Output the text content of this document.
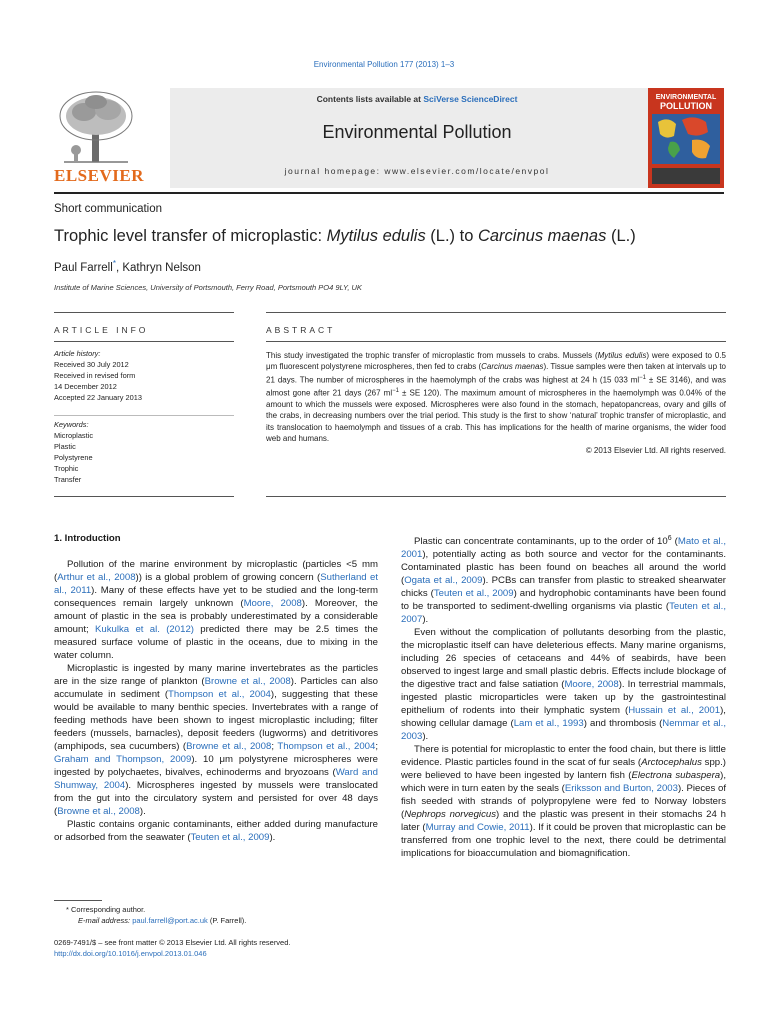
Environmental Pollution 177 (2013) 1–3
ELSEVIER
Contents lists available at SciVerse ScienceDirect
Environmental Pollution
journal homepage: www.elsevier.com/locate/envpol
ENVIRONMENTAL
POLLUTION
Short communication
Trophic level transfer of microplastic: Mytilus edulis (L.) to Carcinus maenas (L.)
Paul Farrell*, Kathryn Nelson
Institute of Marine Sciences, University of Portsmouth, Ferry Road, Portsmouth PO4 9LY, UK
ARTICLE INFO	ABSTRACT
Article history:
Received 30 July 2012
Received in revised form
14 December 2012
Accepted 22 January 2013
Keywords:
Microplastic
Plastic
Polystyrene
Trophic
Transfer
This study investigated the trophic transfer of microplastic from mussels to crabs. Mussels (Mytilus edulis) were exposed to 0.5 μm fluorescent polystyrene microspheres, then fed to crabs (Carcinus maenas). Tissue samples were then taken at intervals up to 21 days. The number of microspheres in the haemolymph of the crabs was highest at 24 h (15 033 $ml^{-1}$ ± SE 3146), and was almost gone after 21 days (267 $ml^{-1}$ ± SE 120). The maximum amount of microspheres in the haemolymph was 0.04% of the amount to which the mussels were exposed. Microspheres were also found in the stomach, hepatopancreas, ovary and gills of the crabs, in decreasing numbers over the trial period. This study is the first to show ‘natural’ trophic transfer of microplastic, and its translocation to haemolymph and tissues of a crab. This has implications for the health of marine organisms, the wider food web and humans.
© 2013 Elsevier Ltd. All rights reserved.
1. Introduction

Pollution of the marine environment by microplastic (particles <5 mm (Arthur et al., 2008)) is a global problem of growing concern (Sutherland et al., 2011). Many of these effects have yet to be studied and the long-term consequences remain largely unknown (Moore, 2008). Moreover, the amount of plastic in the sea is probably underestimated by a considerable amount; Kukulka et al. (2012) predicted there may be 2.5 times the measured surface volume of plastic in the oceans, due to mixing in the water column.

Microplastic is ingested by many marine invertebrates as the particles are in the size range of plankton (Browne et al., 2008). Particles can also accumulate in sediment (Thompson et al., 2004), suggesting that these would be available to many benthic species. Invertebrates with a range of feeding methods have been shown to ingest microplastic including; filter feeders (mussels, barnacles), deposit feeders (lugworms) and detritivores (amphipods, sea cucumbers) (Browne et al., 2008; Thompson et al., 2004; Graham and Thompson, 2009). 10 μm polystyrene microspheres were ingested by polychaetes, bivalves, echinoderms and bryozoans (Ward and Shumway, 2004). Microspheres ingested by mussels were translocated from the gut into the circulatory system and persisted for over 48 days (Browne et al., 2008).

Plastic contains organic contaminants, either added during manufacture or adsorbed from the seawater (Teuten et al., 2009).

Plastic can concentrate contaminants, up to the order of $10^6$ (Mato et al., 2001), potentially acting as both source and vector for the contaminants. Contaminated plastic has been found on beaches all around the world (Ogata et al., 2009). PCBs can transfer from plastic to streaked shearwater chicks (Teuten et al., 2009) and hydrophobic contaminants have been found to be transported to sediment-dwelling organisms via plastic (Teuten et al., 2007).

Even without the complication of pollutants desorbing from the plastic, the microplastic itself can have deleterious effects. Many marine organisms, including 26 species of cetaceans and 44% of seabirds, have been observed to ingest large and small plastic debris. Effects include blockage of the digestive tract and false satiation (Moore, 2008). In terrestrial mammals, ingested plastic microparticles were taken up by the gastrointestinal epithelium of rodents into their lymphatic system (Hussain et al., 2001), showing cellular damage (Lam et al., 1993) and thrombosis (Nemmar et al., 2003).

There is potential for microplastic to enter the food chain, but there is little evidence. Plastic particles found in the scat of fur seals (Arctocephalus spp.) were believed to have been ingested by lantern fish (Electrona subaspera), which were in turn eaten by the seals (Eriksson and Burton, 2003). Pieces of fish seeded with strands of polypropylene were fed to Norway lobsters (Nephrops norvegicus) and the plastic was present in their stomachs 24 h later (Murray and Cowie, 2011). If it could be proven that microplastic can be transferred from one trophic level to the next, there could be detrimental implications for bioaccumulation and biomagnification.

* Corresponding author.
E-mail address: paul.farrell@port.ac.uk (P. Farrell).
0269-7491/$ – see front matter © 2013 Elsevier Ltd. All rights reserved.
http://dx.doi.org/10.1016/j.envpol.2013.01.046
